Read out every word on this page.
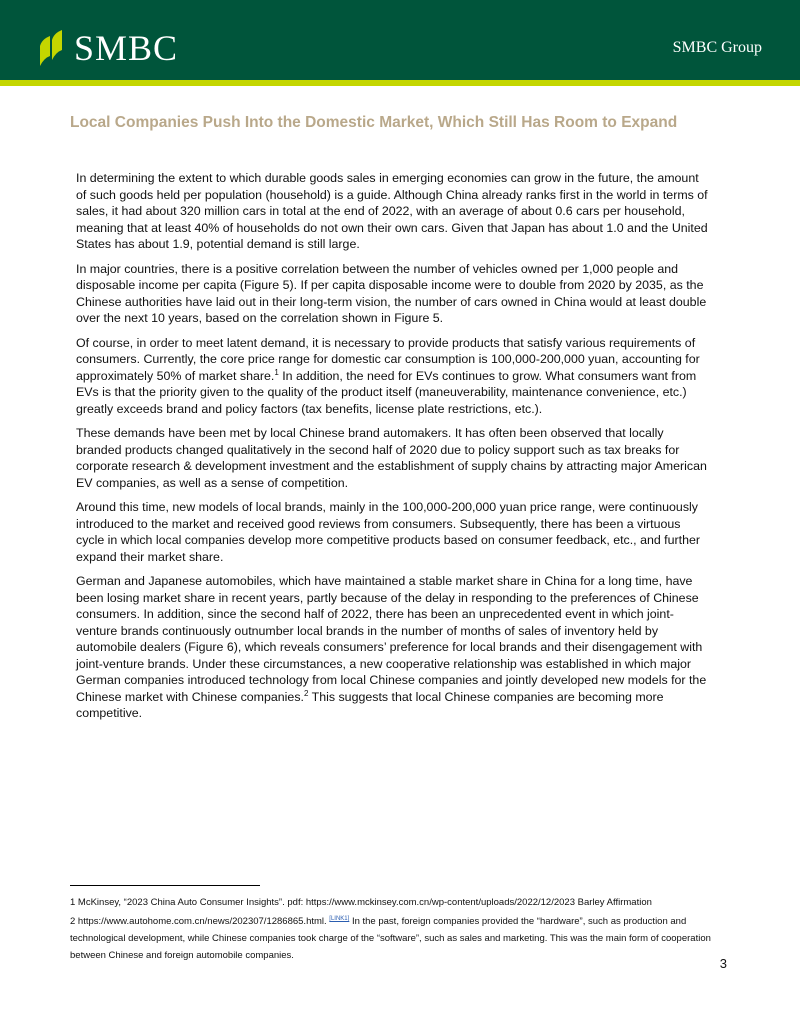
SMBC	SMBC Group
Local Companies Push Into the Domestic Market, Which Still Has Room to Expand

In determining the extent to which durable goods sales in emerging economies can grow in the future, the amount of such goods held per population (household) is a guide. Although China already ranks first in the world in terms of sales, it had about 320 million cars in total at the end of 2022, with an average of about 0.6 cars per household, meaning that at least 40% of households do not own their own cars. Given that Japan has about 1.0 and the United States has about 1.9, potential demand is still large.

In major countries, there is a positive correlation between the number of vehicles owned per 1,000 people and disposable income per capita (Figure 5). If per capita disposable income were to double from 2020 by 2035, as the Chinese authorities have laid out in their long-term vision, the number of cars owned in China would at least double over the next 10 years, based on the correlation shown in Figure 5.

Of course, in order to meet latent demand, it is necessary to provide products that satisfy various requirements of consumers. Currently, the core price range for domestic car consumption is 100,000-200,000 yuan, accounting for approximately 50% of market share.$^1$ In addition, the need for EVs continues to grow. What consumers want from EVs is that the priority given to the quality of the product itself (maneuverability, maintenance convenience, etc.) greatly exceeds brand and policy factors (tax benefits, license plate restrictions, etc.).

These demands have been met by local Chinese brand automakers. It has often been observed that locally branded products changed qualitatively in the second half of 2020 due to policy support such as tax breaks for corporate research & development investment and the establishment of supply chains by attracting major American EV companies, as well as a sense of competition.

Around this time, new models of local brands, mainly in the 100,000-200,000 yuan price range, were continuously introduced to the market and received good reviews from consumers. Subsequently, there has been a virtuous cycle in which local companies develop more competitive products based on consumer feedback, etc., and further expand their market share.

German and Japanese automobiles, which have maintained a stable market share in China for a long time, have been losing market share in recent years, partly because of the delay in responding to the preferences of Chinese consumers. In addition, since the second half of 2022, there has been an unprecedented event in which joint-venture brands continuously outnumber local brands in the number of months of sales of inventory held by automobile dealers (Figure 6), which reveals consumers’ preference for local brands and their disengagement with joint-venture brands. Under these circumstances, a new cooperative relationship was established in which major German companies introduced technology from local Chinese companies and jointly developed new models for the Chinese market with Chinese companies.$^2$ This suggests that local Chinese companies are becoming more competitive.

1 McKinsey, “2023 China Auto Consumer Insights”. pdf: https://www.mckinsey.com.cn/wp-content/uploads/2022/12/2023 Barley Affirmation

2 https://www.autohome.com.cn/news/202307/1286865.html. [LINK1] In the past, foreign companies provided the “hardware”, such as production and technological development, while Chinese companies took charge of the “software”, such as sales and marketing. This was the main form of cooperation between Chinese and foreign automobile companies.

3
